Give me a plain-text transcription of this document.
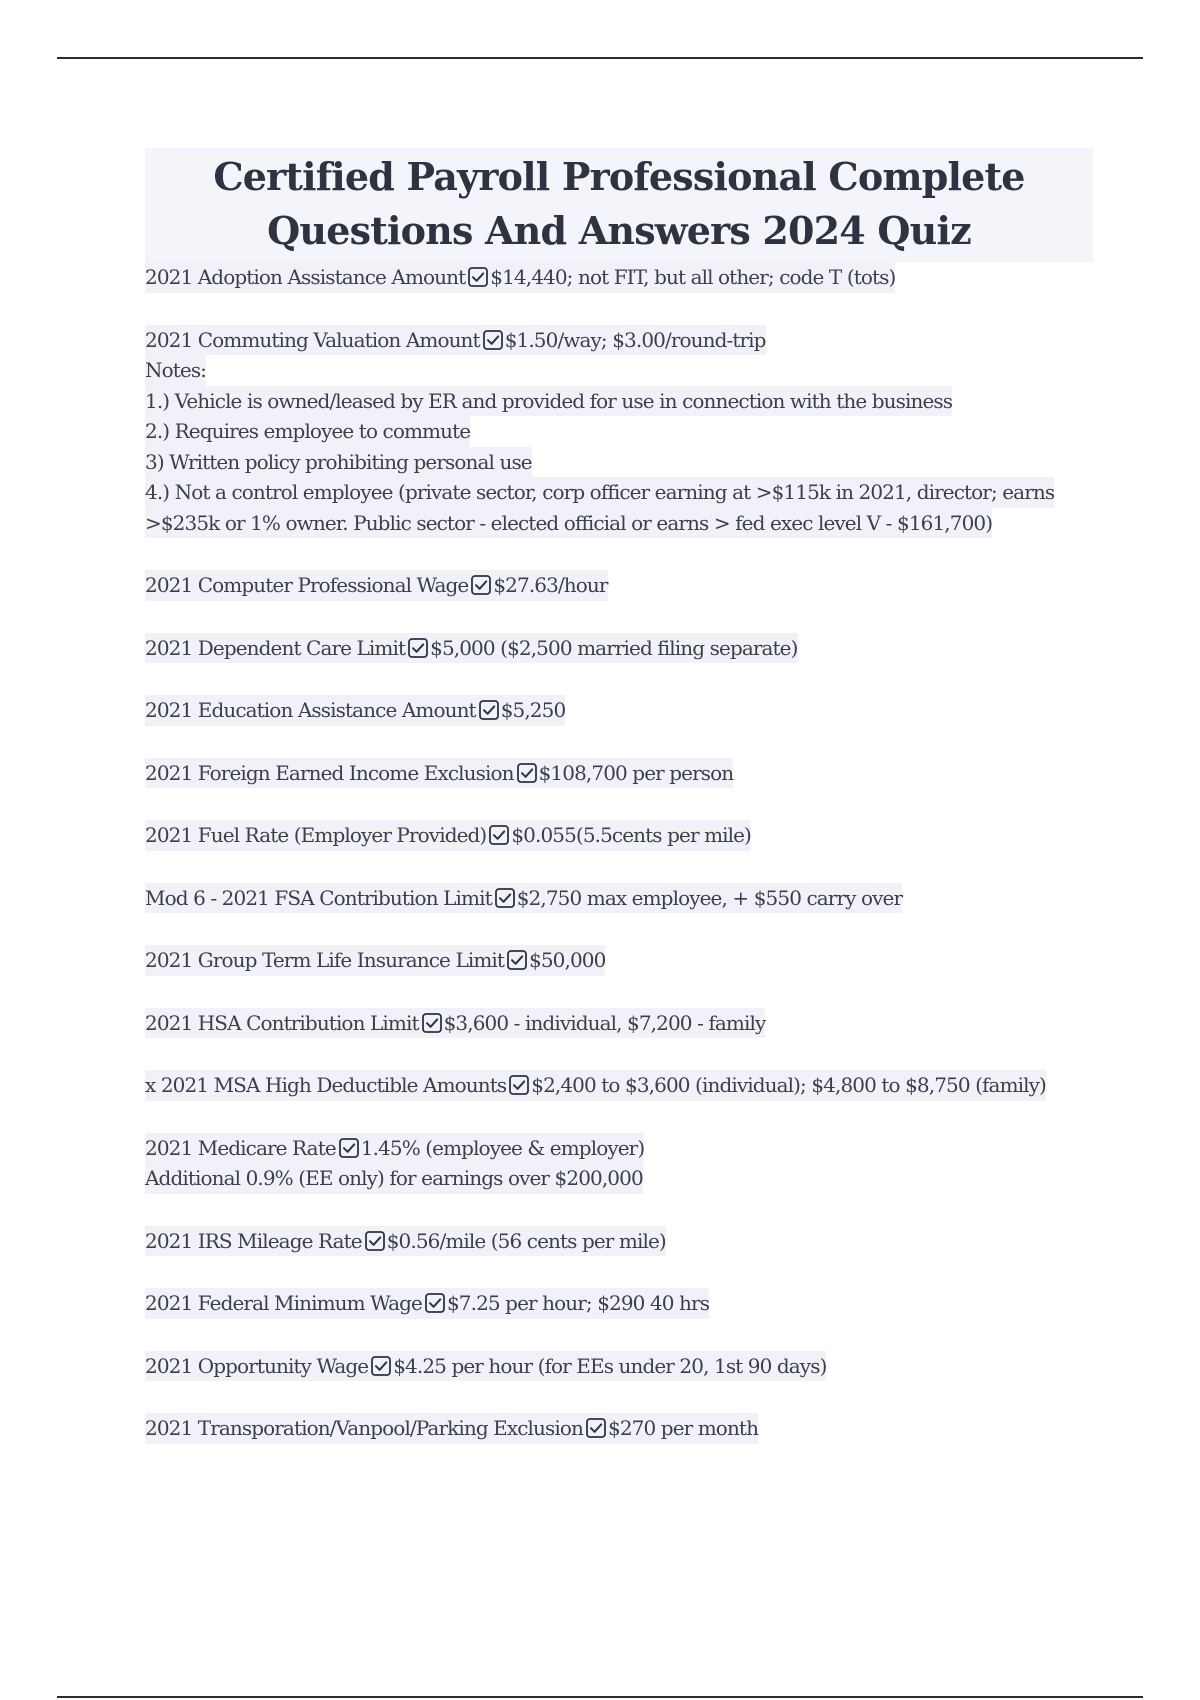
Certified Payroll Professional Complete Questions And Answers 2024 Quiz
2021 Adoption Assistance Amount $14,440; not FIT, but all other; code T (tots)
2021 Commuting Valuation Amount $1.50/way; $3.00/round-trip
Notes:
1.) Vehicle is owned/leased by ER and provided for use in connection with the business
2.) Requires employee to commute
3) Written policy prohibiting personal use
4.) Not a control employee (private sector, corp officer earning at >$115k in 2021, director; earns
>$235k or 1% owner. Public sector - elected official or earns > fed exec level V - $161,700)
2021 Computer Professional Wage $27.63/hour
2021 Dependent Care Limit $5,000 ($2,500 married filing separate)
2021 Education Assistance Amount $5,250
2021 Foreign Earned Income Exclusion $108,700 per person
2021 Fuel Rate (Employer Provided) $0.055(5.5cents per mile)
Mod 6 - 2021 FSA Contribution Limit $2,750 max employee, + $550 carry over
2021 Group Term Life Insurance Limit $50,000
2021 HSA Contribution Limit $3,600 - individual, $7,200 - family
x 2021 MSA High Deductible Amounts $2,400 to $3,600 (individual); $4,800 to $8,750 (family)
2021 Medicare Rate 1.45% (employee & employer)
Additional 0.9% (EE only) for earnings over $200,000
2021 IRS Mileage Rate $0.56/mile (56 cents per mile)
2021 Federal Minimum Wage $7.25 per hour; $290 40 hrs
2021 Opportunity Wage $4.25 per hour (for EEs under 20, 1st 90 days)
2021 Transporation/Vanpool/Parking Exclusion $270 per month
